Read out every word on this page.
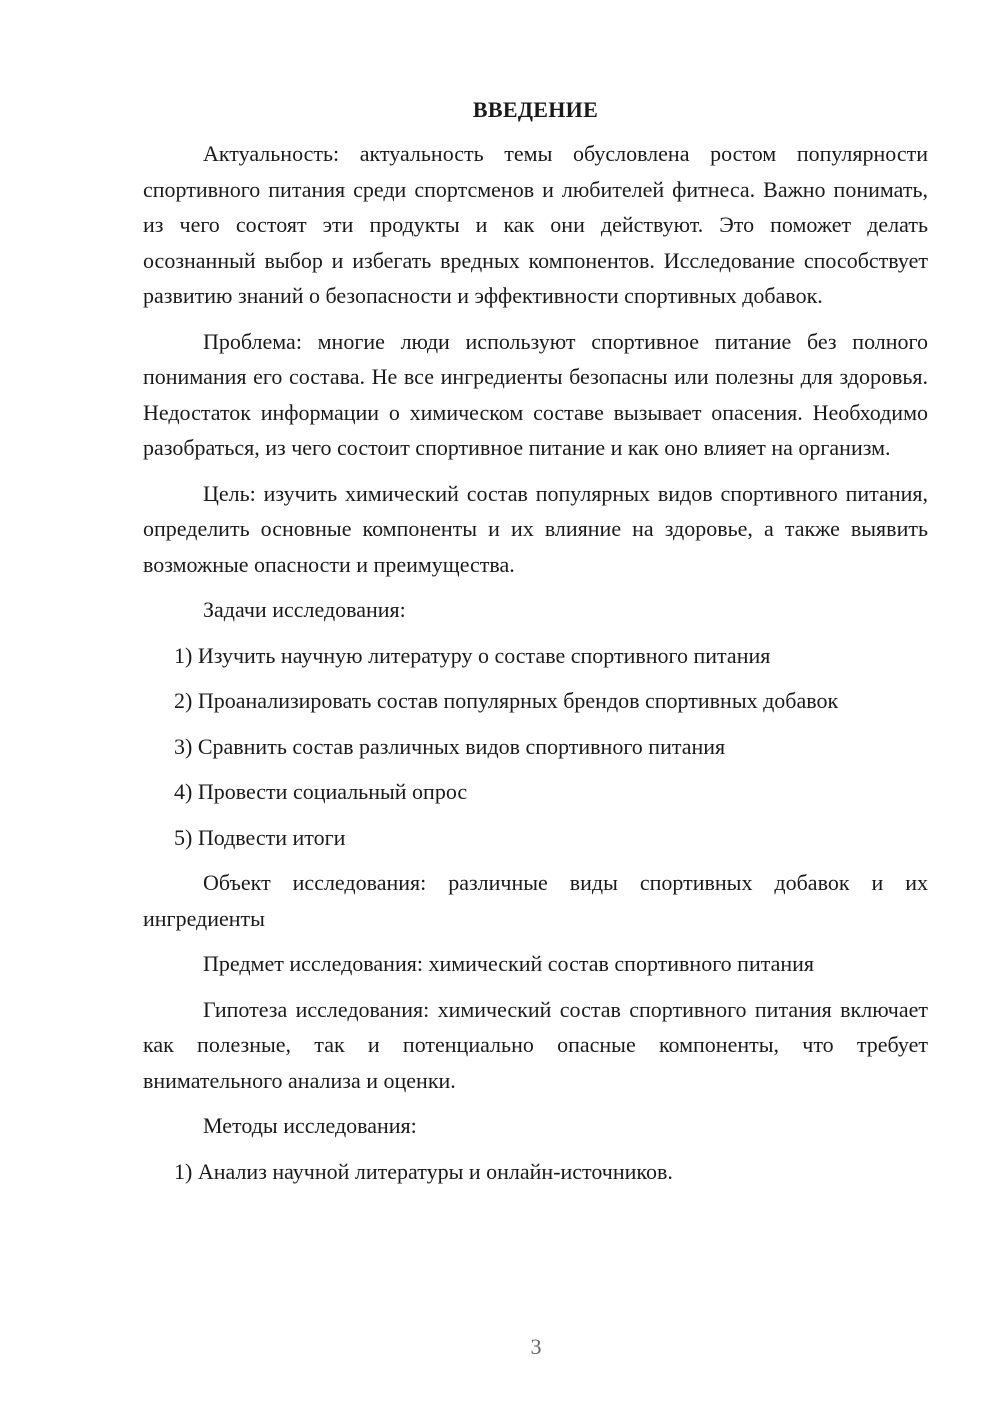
ВВЕДЕНИЕ

Актуальность: актуальность темы обусловлена ростом популярности спортивного питания среди спортсменов и любителей фитнеса. Важно понимать, из чего состоят эти продукты и как они действуют. Это поможет делать осознанный выбор и избегать вредных компонентов. Исследование способствует развитию знаний о безопасности и эффективности спортивных добавок.

Проблема: многие люди используют спортивное питание без полного понимания его состава. Не все ингредиенты безопасны или полезны для здоровья. Недостаток информации о химическом составе вызывает опасения. Необходимо разобраться, из чего состоит спортивное питание и как оно влияет на организм.

Цель: изучить химический состав популярных видов спортивного питания, определить основные компоненты и их влияние на здоровье, а также выявить возможные опасности и преимущества.

Задачи исследования:

1) Изучить научную литературу о составе спортивного питания

2) Проанализировать состав популярных брендов спортивных добавок

3) Сравнить состав различных видов спортивного питания

4) Провести социальный опрос

5) Подвести итоги

Объект исследования: различные виды спортивных добавок и их ингредиенты

Предмет исследования: химический состав спортивного питания

Гипотеза исследования: химический состав спортивного питания включает как полезные, так и потенциально опасные компоненты, что требует внимательного анализа и оценки.

Методы исследования:

1) Анализ научной литературы и онлайн-источников.

3
